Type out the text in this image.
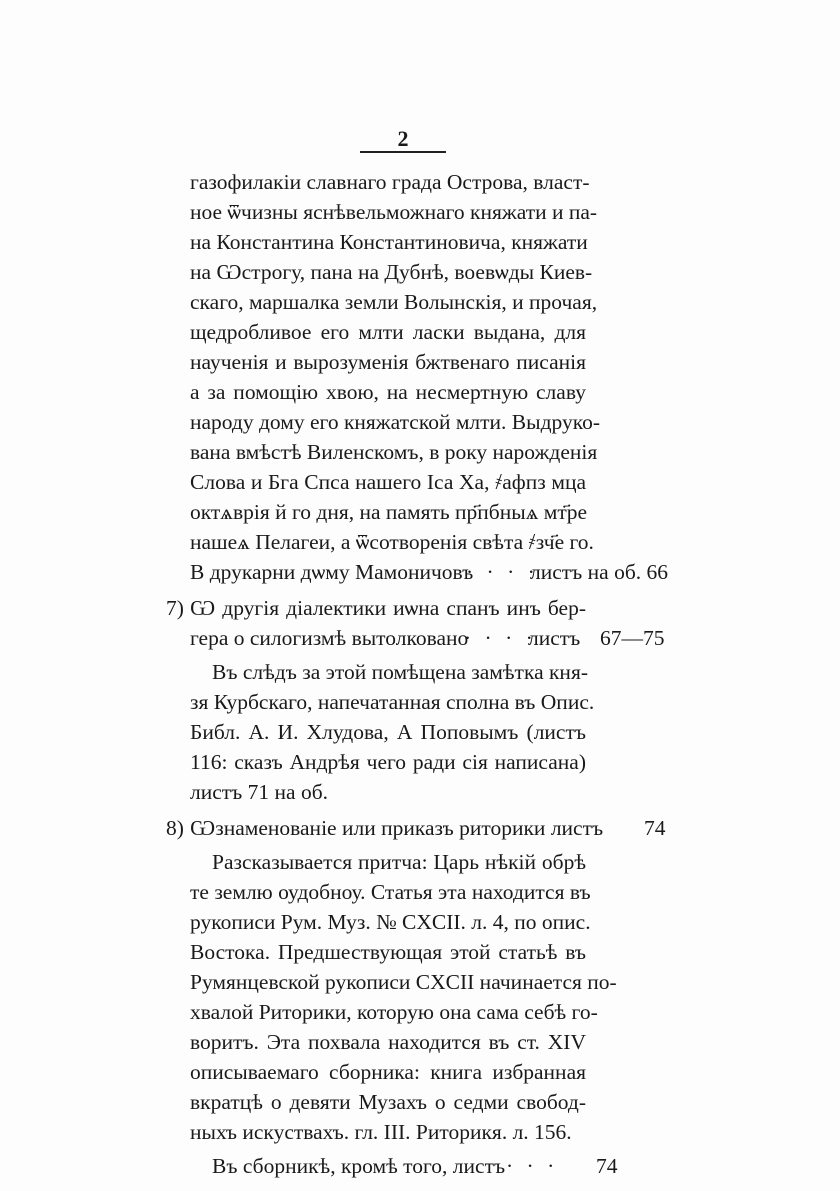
2
газофилакіи славнаго града Острова, власт-
ное ѿчизны яснѣвельможнаго княжати и па-
на Константина Константиновича, княжати
на Ѡстрогу, пана на Дубнѣ, воевѡды Киев-
скаго, маршалка земли Волынскія, и прочая,
щедробливое его млти ласки выдана, для
наученія и вырозуменія бжтвенаго писанія
а за помощію хвою, на несмертную славу
народу дому его княжатской млти. Выдруко-
вана вмѣстѣ Виленскомъ, в року нарожденія
Слова и Бга Спса нашего Іса Ха, ҂афпз мца
октѧврія й го дня, на память пр҃пбныѧ мт҃ре
нашеѧ Пелагеи, а ѿсотворенія свѣта ҂зч҃е го.
В друкарни дѡму Мамоничовъ
· · · ·
листъ на об. 66
7) Ѡ другія діалектики иѡна спанъ инъ бер-
гера о силогизмѣ вытолковано
· · · ·
листъ 67—75
Въ слѣдъ за этой помѣщена замѣтка кня-
зя Курбскаго, напечатанная сполна въ Опис.
Библ. А. И. Хлудова, А Поповымъ (листъ
116: сказъ Андрѣя чего ради сія написана)
листъ 71 на об.
8) Ѡзнаменованіе или приказъ риторики листъ 74
Разсказывается притча: Царь нѣкій обрѣ
те землю оудобноу. Статья эта находится въ
рукописи Рум. Муз. № CXCII. л. 4, по опис.
Востока. Предшествующая этой статьѣ въ
Румянцевской рукописи CXCII начинается по-
хвалой Риторики, которую она сама себѣ го-
воритъ. Эта похвала находится въ ст. XIV
описываемаго сборника: книга избранная
вкратцѣ о девяти Музахъ о седми свобод-
ныхъ искуствахъ. гл. III. Риторикя. л. 156.
Въ сборникѣ, кромѣ того, листъ · · · 74
